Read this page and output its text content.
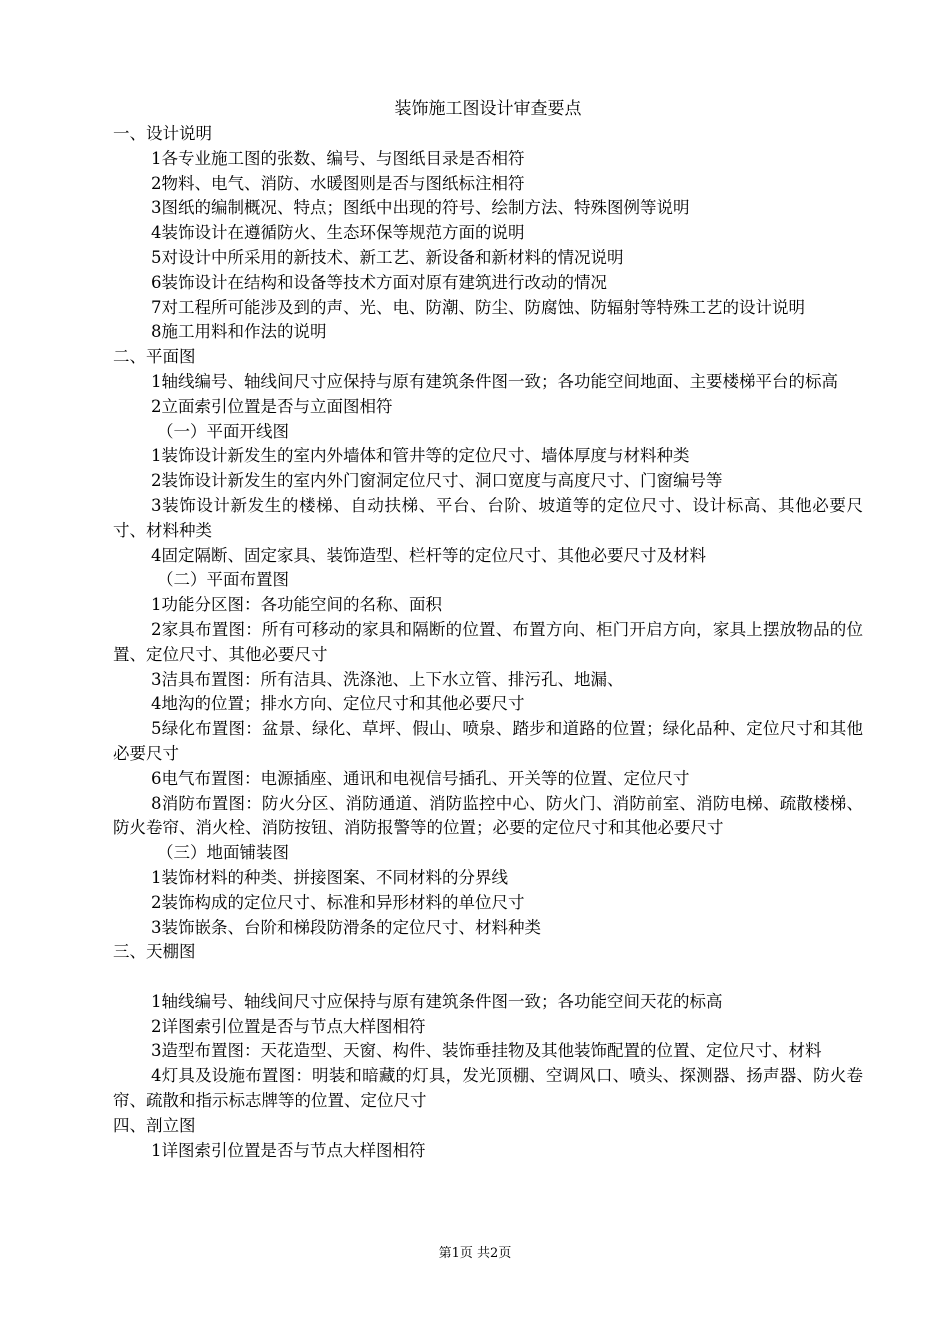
装饰施工图设计审查要点
一、设计说明
1各专业施工图的张数、编号、与图纸目录是否相符
2物料、电气、消防、水暖图则是否与图纸标注相符
3图纸的编制概况、特点；图纸中出现的符号、绘制方法、特殊图例等说明
4装饰设计在遵循防火、生态环保等规范方面的说明
5对设计中所采用的新技术、新工艺、新设备和新材料的情况说明
6装饰设计在结构和设备等技术方面对原有建筑进行改动的情况
7对工程所可能涉及到的声、光、电、防潮、防尘、防腐蚀、防辐射等特殊工艺的设计说明
8施工用料和作法的说明
二、平面图
1轴线编号、轴线间尺寸应保持与原有建筑条件图一致；各功能空间地面、主要楼梯平台的标高
2立面索引位置是否与立面图相符
（一）平面开线图
1装饰设计新发生的室内外墙体和管井等的定位尺寸、墙体厚度与材料种类
2装饰设计新发生的室内外门窗洞定位尺寸、洞口宽度与高度尺寸、门窗编号等
3装饰设计新发生的楼梯、自动扶梯、平台、台阶、坡道等的定位尺寸、设计标高、其他必要尺寸、材料种类
4固定隔断、固定家具、装饰造型、栏杆等的定位尺寸、其他必要尺寸及材料
（二）平面布置图
1功能分区图：各功能空间的名称、面积
2家具布置图：所有可移动的家具和隔断的位置、布置方向、柜门开启方向，家具上摆放物品的位置、定位尺寸、其他必要尺寸
3洁具布置图：所有洁具、洗涤池、上下水立管、排污孔、地漏、
4地沟的位置；排水方向、定位尺寸和其他必要尺寸
5绿化布置图：盆景、绿化、草坪、假山、喷泉、踏步和道路的位置；绿化品种、定位尺寸和其他必要尺寸
6电气布置图：电源插座、通讯和电视信号插孔、开关等的位置、定位尺寸
8消防布置图：防火分区、消防通道、消防监控中心、防火门、消防前室、消防电梯、疏散楼梯、防火卷帘、消火栓、消防按钮、消防报警等的位置；必要的定位尺寸和其他必要尺寸
（三）地面铺装图
1装饰材料的种类、拼接图案、不同材料的分界线
2装饰构成的定位尺寸、标准和异形材料的单位尺寸
3装饰嵌条、台阶和梯段防滑条的定位尺寸、材料种类
三、天棚图
1轴线编号、轴线间尺寸应保持与原有建筑条件图一致；各功能空间天花的标高
2详图索引位置是否与节点大样图相符
3造型布置图：天花造型、天窗、构件、装饰垂挂物及其他装饰配置的位置、定位尺寸、材料
4灯具及设施布置图：明装和暗藏的灯具，发光顶棚、空调风口、喷头、探测器、扬声器、防火卷帘、疏散和指示标志牌等的位置、定位尺寸
四、剖立图
1详图索引位置是否与节点大样图相符
第1页 共2页
